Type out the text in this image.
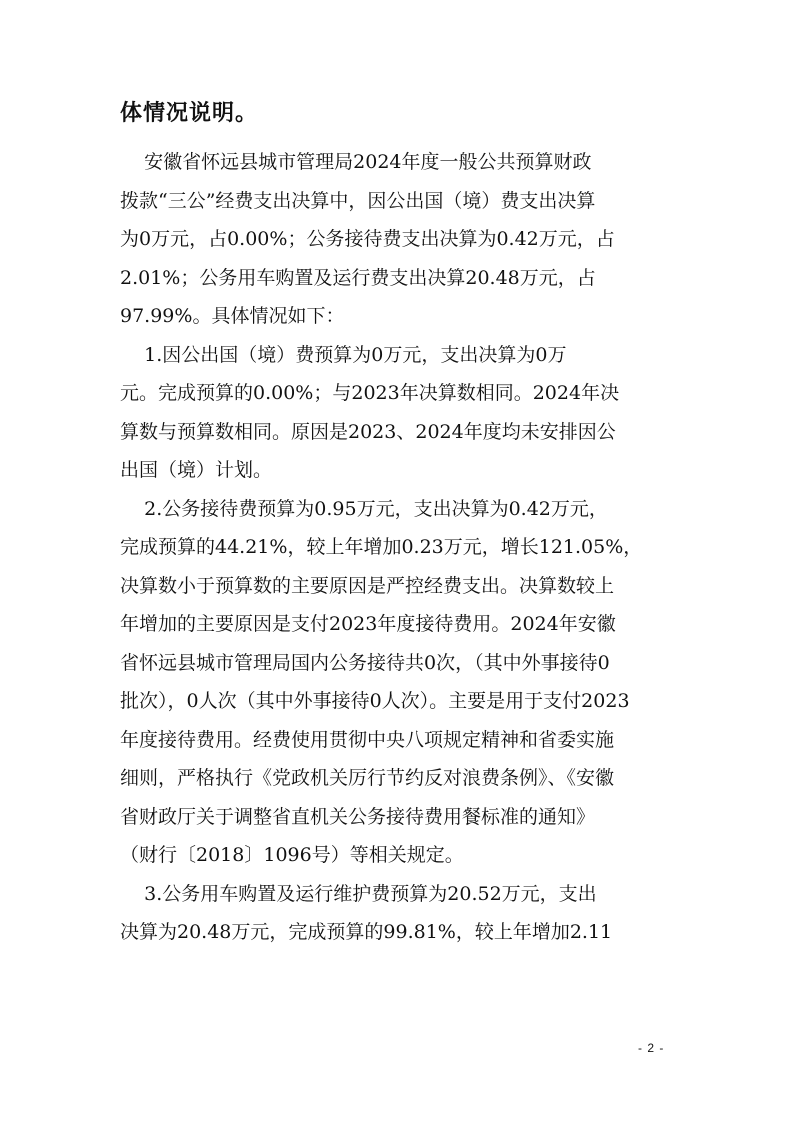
体情况说明。

安徽省怀远县城市管理局2024年度一般公共预算财政
拨款“三公”经费支出决算中，因公出国（境）费支出决算
为0万元，占0.00%；公务接待费支出决算为0.42万元，占
2.01%；公务用车购置及运行费支出决算20.48万元，占
97.99%。具体情况如下：

1.因公出国（境）费预算为0万元，支出决算为0万
元。完成预算的0.00%；与2023年决算数相同。2024年决
算数与预算数相同。原因是2023、2024年度均未安排因公
出国（境）计划。

2.公务接待费预算为0.95万元，支出决算为0.42万元，
完成预算的44.21%，较上年增加0.23万元，增长121.05%，
决算数小于预算数的主要原因是严控经费支出。决算数较上
年增加的主要原因是支付2023年度接待费用。2024年安徽
省怀远县城市管理局国内公务接待共0次，（其中外事接待0
批次），0人次（其中外事接待0人次）。主要是用于支付2023
年度接待费用。经费使用贯彻中央八项规定精神和省委实施
细则，严格执行《党政机关厉行节约反对浪费条例》、《安徽
省财政厅关于调整省直机关公务接待费用餐标准的通知》
（财行〔2018〕1096号）等相关规定。

3.公务用车购置及运行维护费预算为20.52万元，支出
决算为20.48万元，完成预算的99.81%，较上年增加2.11

- 2 -
